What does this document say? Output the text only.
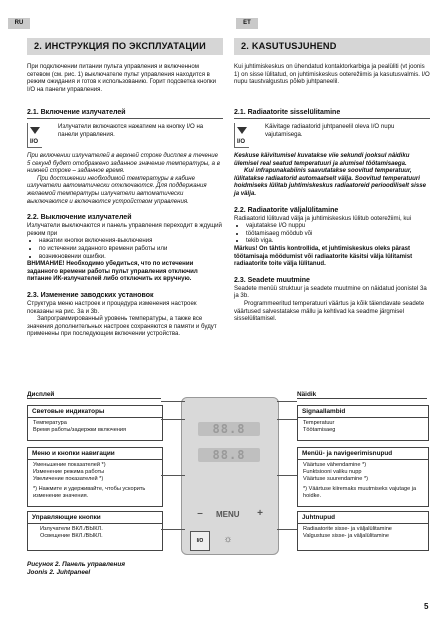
RU	ET
2. ИНСТРУКЦИЯ ПО ЭКСПЛУАТАЦИИ

При подключении питании пульта управления и включенном сетевом (см. рис. 1) выключателе пульт управления находится в режим ожидания и готов к использованию. Горит подсветка кнопки I/O на панели управления.

2.1. Включение излучателей
I/O

Излучатели включаются нажатием на кнопку I/O на панели управления.

При включении излучателей в верхней строке дисплея в течение 5 секунд будет отображено заданное значение температуры, а в нижней строке – заданное время.

При достижении необходимой температуры в кабине излучатели автоматически отключаются. Для поддержания желаемой температуры излучатели автоматически выключаются и включаются устройством управления.

2.2. Выключение излучателей

Излучатели выключаются и панель управления переходит в ждущий режим при

• нажатии кнопки включения-выключения
• по истечении заданного времени работы или
• возникновении ошибки.

ВНИМАНИЕ! Необходимо убедиться, что по истечении заданного времени работы пульт управления отключил питание ИК-излучателей либо отключить их вручную.

2.3. Изменение заводских установок

Структура меню настроек и процедура изменения настроек показаны на рис. 3a и 3b.

Запрограммированный уровень температуры, а также все значения дополнительных настроек сохраняются в памяти и будут применены при последующем включении устройства.

2. KASUTUSJUHEND

Kui juhtimiskeskus on ühendatud kontaktorkarbiga ja pealüliti (vt joonis 1) on sisse lülitatud, on juhtimiskeskus ooterežiimis ja kasutusvalmis. I/O nupu taustvalgustus põleb juhtpaneelil.

2.1. Radiaatorite sisselülitamine
I/O

Käivitage radiaatorid juhtpaneelil oleva I/O nupu vajutamisega.

Keskuse käivitumisel kuvatakse viie sekundi jooksul näidiku ülemisel real seatud temperatuuri ja alumisel töötamisaega.

Kui infrapunakabiinis saavutatakse soovitud temperatuur, lülitatakse radiaatorid automaatselt välja. Soovitud temperatuuri hoidmiseks lülitab juhtimiskeskus radiaatoreid perioodiliselt sisse ja välja.

2.2. Radiaatorite väljalülitamine

Radiaatorid lülituvad välja ja juhtimiskeskus lülitub ooterežiimi, kui

• vajutatakse I/O nuppu
• töötamisaeg möödub või
• tekib viga.

Märkus! On tähtis kontrollida, et juhtimiskeskus oleks pärast töötamisaja möödumist või radiaatorite käsitsi välja lülitamist radiaatorite toite välja lülitanud.

2.3. Seadete muutmine

Seadete menüü struktuur ja seadete muutmine on näidatud joonistel 3a ja 3b.

Programmeeritud temperatuuri väärtus ja kõik täiendavate seadete väärtused salvestatakse mällu ja kehtivad ka seadme järgmisel sisselülitamisel.

Дисплей
Световые индикаторы
Температура
Время работы/задержки включения
Меню и кнопки навигации
Уменьшение показателей *)
Изменение режима работы
Увеличение показателей *)
*) Нажмите и удерживайте, чтобы ускорить изменение значения.
Управляющие кнопки
Излучатели ВКЛ./ВЫКЛ.
Освещение ВКЛ./ВЫКЛ.
88.8
88.8
–	MENU	+
I/O	☼
Näidik
Signaallambid
Temperatuur
Töötamisaeg
Menüü- ja navigeerimisnupud
Väärtuse vähendamine *)
Funktsiooni valiku nupp
Väärtuse suurendamine *)
*) Väärtuse kiiremaks muutmiseks vajutage ja hoidke.
Juhtnupud
Radiaatorite sisse- ja väljalülitamine
Valgustuse sisse- ja väljalülitamine
Рисунок 2. Панель управления
Joonis 2. Juhtpaneel
5
